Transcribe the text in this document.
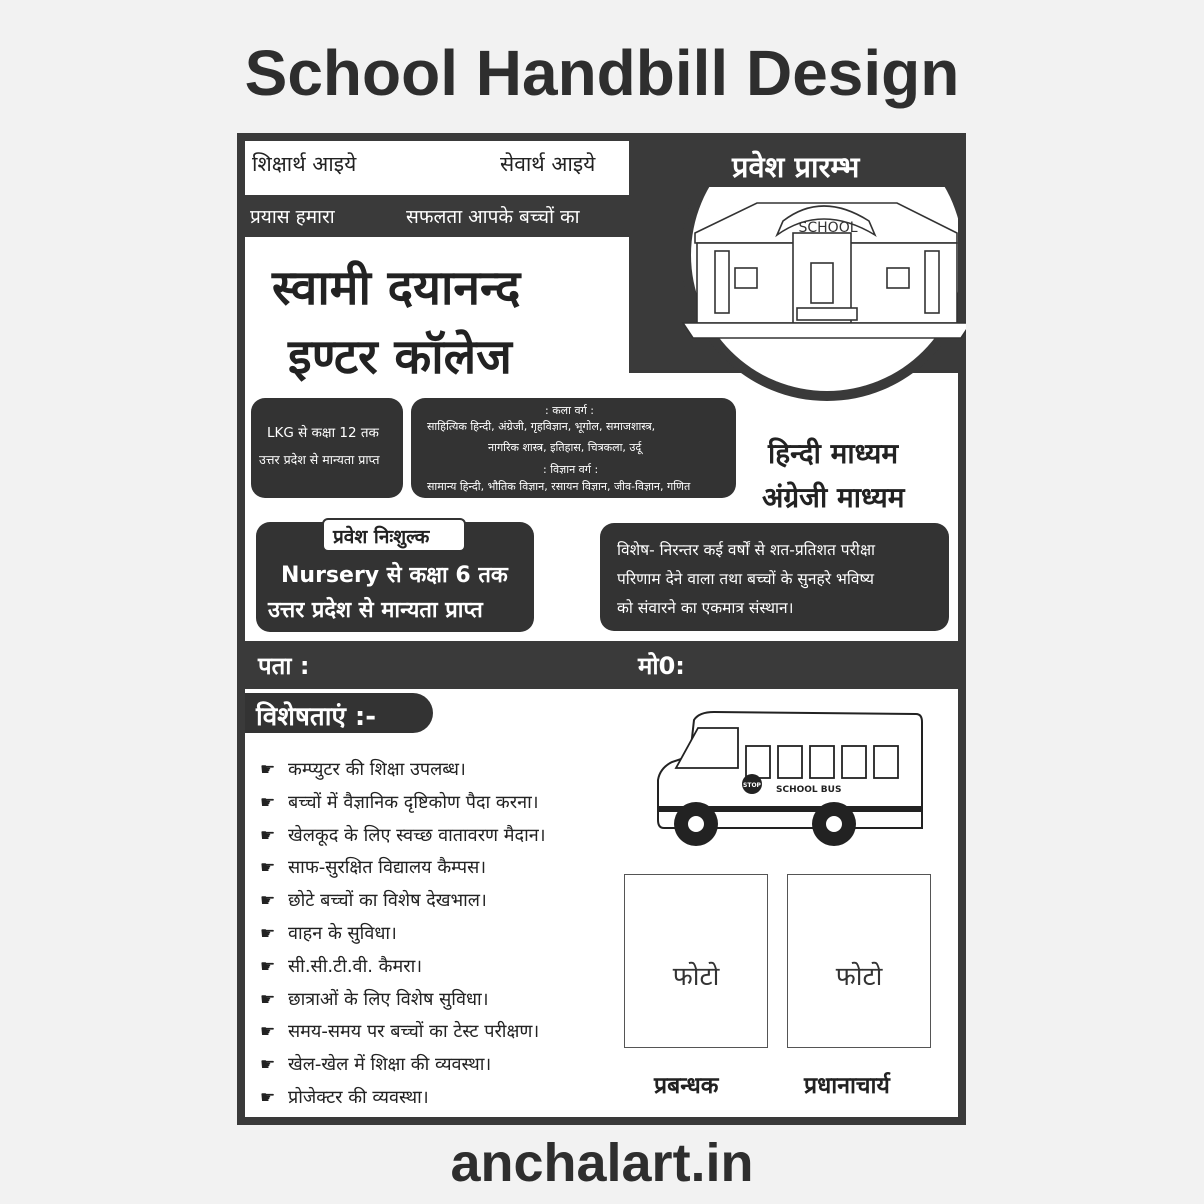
School Handbill Design
शिक्षार्थ आइये	सेवार्थ आइये	प्रवेश प्रारम्भ
प्रयास हमारा	सफलता आपके बच्चों का	SCHOOL
स्वामी दयानन्द
इण्टर कॉलेज
LKG से कक्षा 12 तक
उत्तर प्रदेश से मान्यता प्राप्त
: कला वर्ग :
साहित्यिक हिन्दी, अंग्रेजी, गृहविज्ञान, भूगोल, समाजशास्त्र,
नागरिक शास्त्र, इतिहास, चित्रकला, उर्दू
: विज्ञान वर्ग :
सामान्य हिन्दी, भौतिक विज्ञान, रसायन विज्ञान, जीव-विज्ञान, गणित
हिन्दी माध्यम
अंग्रेजी माध्यम
प्रवेश निःशुल्क
Nursery से कक्षा 6 तक
उत्तर प्रदेश से मान्यता प्राप्त
विशेष- निरन्तर कई वर्षों से शत-प्रतिशत परीक्षा
परिणाम देने वाला तथा बच्चों के सुनहरे भविष्य
को संवारने का एकमात्र संस्थान।
पता :	मो0:
विशेषताएं :-
☛ कम्प्युटर की शिक्षा उपलब्ध।
☛ बच्चों में वैज्ञानिक दृष्टिकोण पैदा करना।
☛ खेलकूद के लिए स्वच्छ वातावरण मैदान।
☛ साफ-सुरक्षित विद्यालय कैम्पस।
☛ छोटे बच्चों का विशेष देखभाल।
☛ वाहन के सुविधा।
☛ सी.सी.टी.वी. कैमरा।
☛ छात्राओं के लिए विशेष सुविधा।
☛ समय-समय पर बच्चों का टेस्ट परीक्षण।
☛ खेल-खेल में शिक्षा की व्यवस्था।
☛ प्रोजेक्टर की व्यवस्था।
STOP SCHOOL BUS
फोटो	फोटो
प्रबन्धक	प्रधानाचार्य
anchalart.in
